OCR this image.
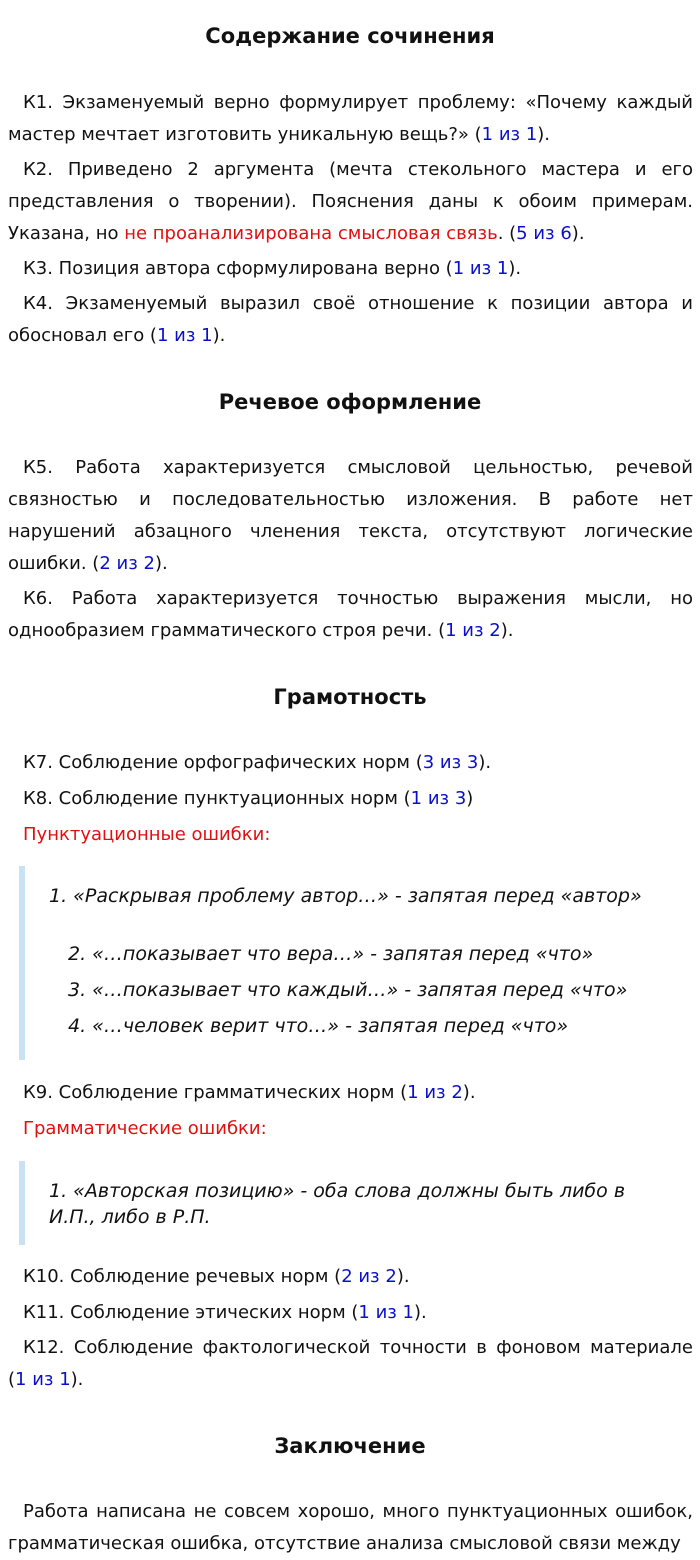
Содержание сочинения

К1. Экзаменуемый верно формулирует проблему: «Почему каждый мастер мечтает изготовить уникальную вещь?» (1 из 1).

К2. Приведено 2 аргумента (мечта стекольного мастера и его представления о творении). Пояснения даны к обоим примерам. Указана, но не проанализирована смысловая связь. (5 из 6).

К3. Позиция автора сформулирована верно (1 из 1).

К4. Экзаменуемый выразил своё отношение к позиции автора и обосновал его (1 из 1).

Речевое оформление

К5. Работа характеризуется смысловой цельностью, речевой связностью и последовательностью изложения. В работе нет нарушений абзацного членения текста, отсутствуют логические ошибки. (2 из 2).

К6. Работа характеризуется точностью выражения мысли, но однообразием грамматического строя речи. (1 из 2).

Грамотность

К7. Соблюдение орфографических норм (3 из 3).

К8. Соблюдение пунктуационных норм (1 из 3)

Пунктуационные ошибки:

1. «Раскрывая проблему автор…» - запятая перед «автор»

2. «…показывает что вера…» - запятая перед «что»

3. «…показывает что каждый…» - запятая перед «что»

4. «…человек верит что…» - запятая перед «что»

К9. Соблюдение грамматических норм (1 из 2).

Грамматические ошибки:

1. «Авторская позицию» - оба слова должны быть либо в И.П., либо в Р.П.

К10. Соблюдение речевых норм (2 из 2).

К11. Соблюдение этических норм (1 из 1).

К12. Соблюдение фактологической точности в фоновом материале (1 из 1).

Заключение

Работа написана не совсем хорошо, много пунктуационных ошибок, грамматическая ошибка, отсутствие анализа смысловой связи между
